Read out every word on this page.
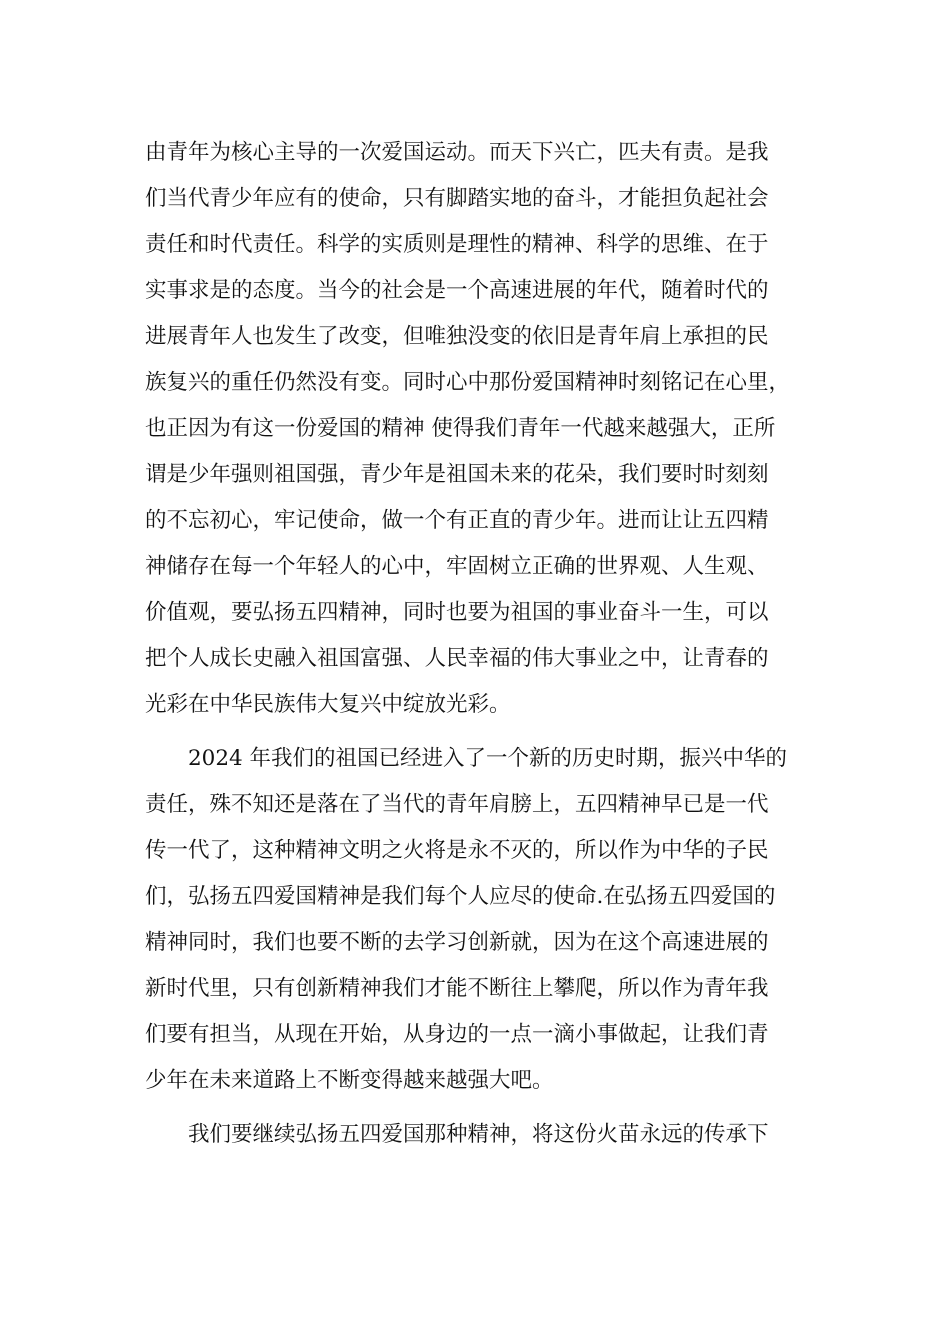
由青年为核心主导的一次爱国运动。而天下兴亡，匹夫有责。是我
们当代青少年应有的使命，只有脚踏实地的奋斗，才能担负起社会
责任和时代责任。科学的实质则是理性的精神、科学的思维、在于
实事求是的态度。当今的社会是一个高速进展的年代，随着时代的
进展青年人也发生了改变，但唯独没变的依旧是青年肩上承担的民
族复兴的重任仍然没有变。同时心中那份爱国精神时刻铭记在心里，
也正因为有这一份爱国的精神 使得我们青年一代越来越强大，正所
谓是少年强则祖国强，青少年是祖国未来的花朵，我们要时时刻刻
的不忘初心，牢记使命，做一个有正直的青少年。进而让让五四精
神储存在每一个年轻人的心中，牢固树立正确的世界观、人生观、
价值观，要弘扬五四精神，同时也要为祖国的事业奋斗一生，可以
把个人成长史融入祖国富强、人民幸福的伟大事业之中，让青春的
光彩在中华民族伟大复兴中绽放光彩。
　　2024 年我们的祖国已经进入了一个新的历史时期，振兴中华的
责任，殊不知还是落在了当代的青年肩膀上，五四精神早已是一代
传一代了，这种精神文明之火将是永不灭的，所以作为中华的子民
们，弘扬五四爱国精神是我们每个人应尽的使命.在弘扬五四爱国的
精神同时，我们也要不断的去学习创新就，因为在这个高速进展的
新时代里，只有创新精神我们才能不断往上攀爬，所以作为青年我
们要有担当，从现在开始，从身边的一点一滴小事做起，让我们青
少年在未来道路上不断变得越来越强大吧。
　　我们要继续弘扬五四爱国那种精神，将这份火苗永远的传承下
